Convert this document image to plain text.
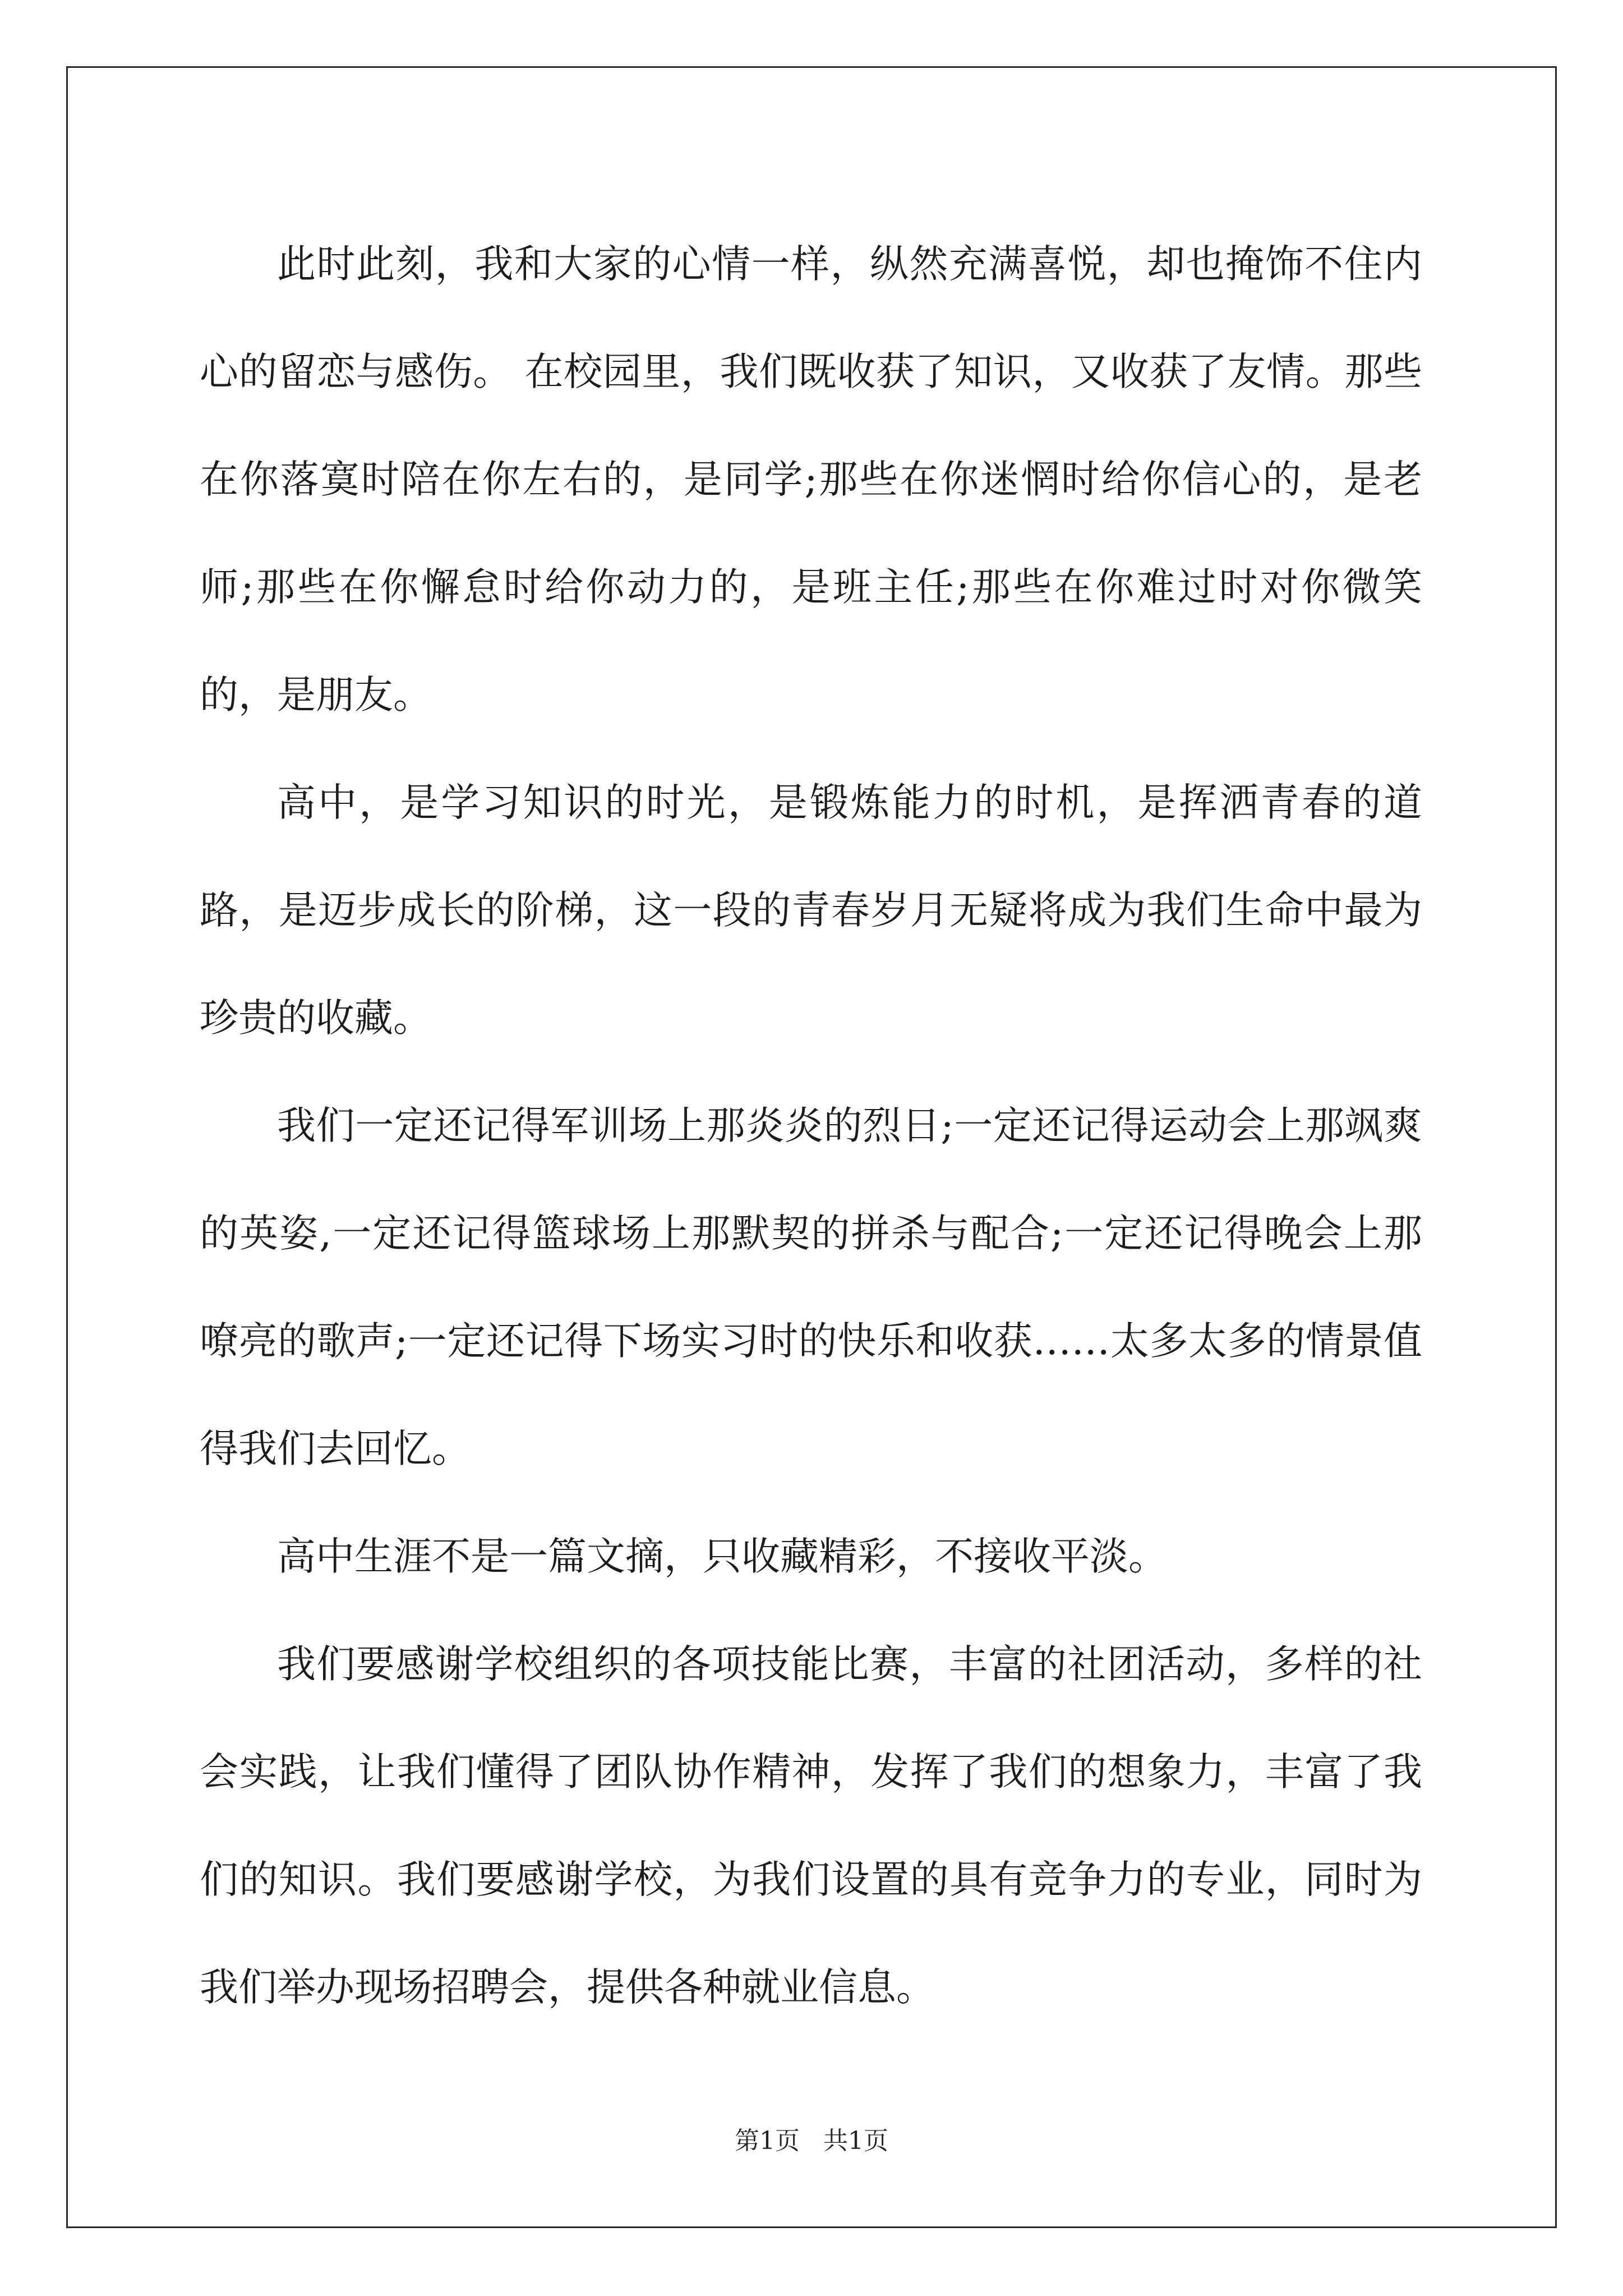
此时此刻，我和大家的心情一样，纵然充满喜悦，却也掩饰不住内心的留恋与感伤。 在校园里，我们既收获了知识，又收获了友情。那些在你落寞时陪在你左右的，是同学;那些在你迷惘时给你信心的，是老师;那些在你懈怠时给你动力的，是班主任;那些在你难过时对你微笑的，是朋友。

高中，是学习知识的时光，是锻炼能力的时机，是挥洒青春的道路，是迈步成长的阶梯，这一段的青春岁月无疑将成为我们生命中最为珍贵的收藏。

我们一定还记得军训场上那炎炎的烈日;一定还记得运动会上那飒爽的英姿,一定还记得篮球场上那默契的拼杀与配合;一定还记得晚会上那嘹亮的歌声;一定还记得下场实习时的快乐和收获……太多太多的情景值得我们去回忆。

高中生涯不是一篇文摘，只收藏精彩，不接收平淡。

我们要感谢学校组织的各项技能比赛，丰富的社团活动，多样的社会实践，让我们懂得了团队协作精神，发挥了我们的想象力，丰富了我们的知识。我们要感谢学校，为我们设置的具有竞争力的专业，同时为我们举办现场招聘会，提供各种就业信息。

第1页   共1页
